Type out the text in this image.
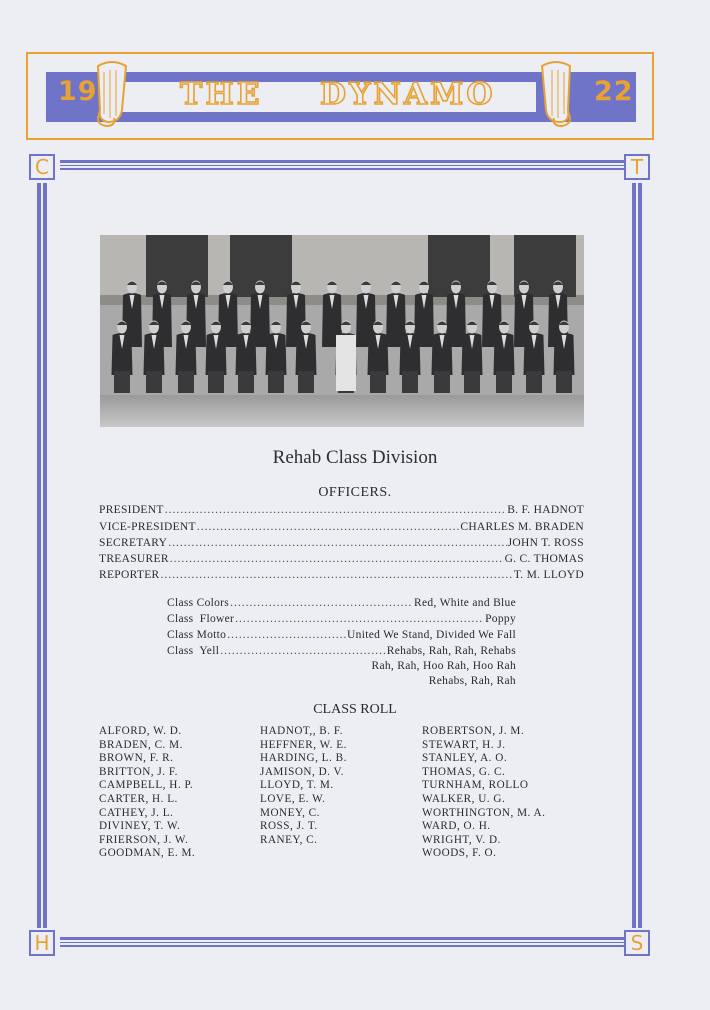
19	22
THE DYNAMO
C	T
H	S
Rehab Class Division
OFFICERS.
PRESIDENT .....	B. F. HADNOT
VICE-PRESIDENT .....	CHARLES M. BRADEN
SECRETARY .....	JOHN T. ROSS
TREASURER .....	G. C. THOMAS
REPORTER .....	T. M. LLOYD
Class Colors .....	Red, White and Blue
Class  Flower .....	Poppy
Class Motto .....	United We Stand, Divided We Fall
Class  Yell .....	Rehabs, Rah, Rah, Rehabs
Rah, Rah, Hoo Rah, Hoo Rah
Rehabs, Rah, Rah
CLASS ROLL
ALFORD, W. D.
BRADEN, C. M.
BROWN, F. R.
BRITTON, J. F.
CAMPBELL, H. P.
CARTER, H. L.
CATHEY, J. L.
DIVINEY, T. W.
FRIERSON, J. W.
GOODMAN, E. M.
HADNOT,, B. F.
HEFFNER, W. E.
HARDING, L. B.
JAMISON, D. V.
LLOYD, T. M.
LOVE, E. W.
MONEY, C.
ROSS, J. T.
RANEY, C.
ROBERTSON, J. M.
STEWART, H. J.
STANLEY, A. O.
THOMAS, G. C.
TURNHAM, ROLLO
WALKER, U. G.
WORTHINGTON, M. A.
WARD, O. H.
WRIGHT, V. D.
WOODS, F. O.
